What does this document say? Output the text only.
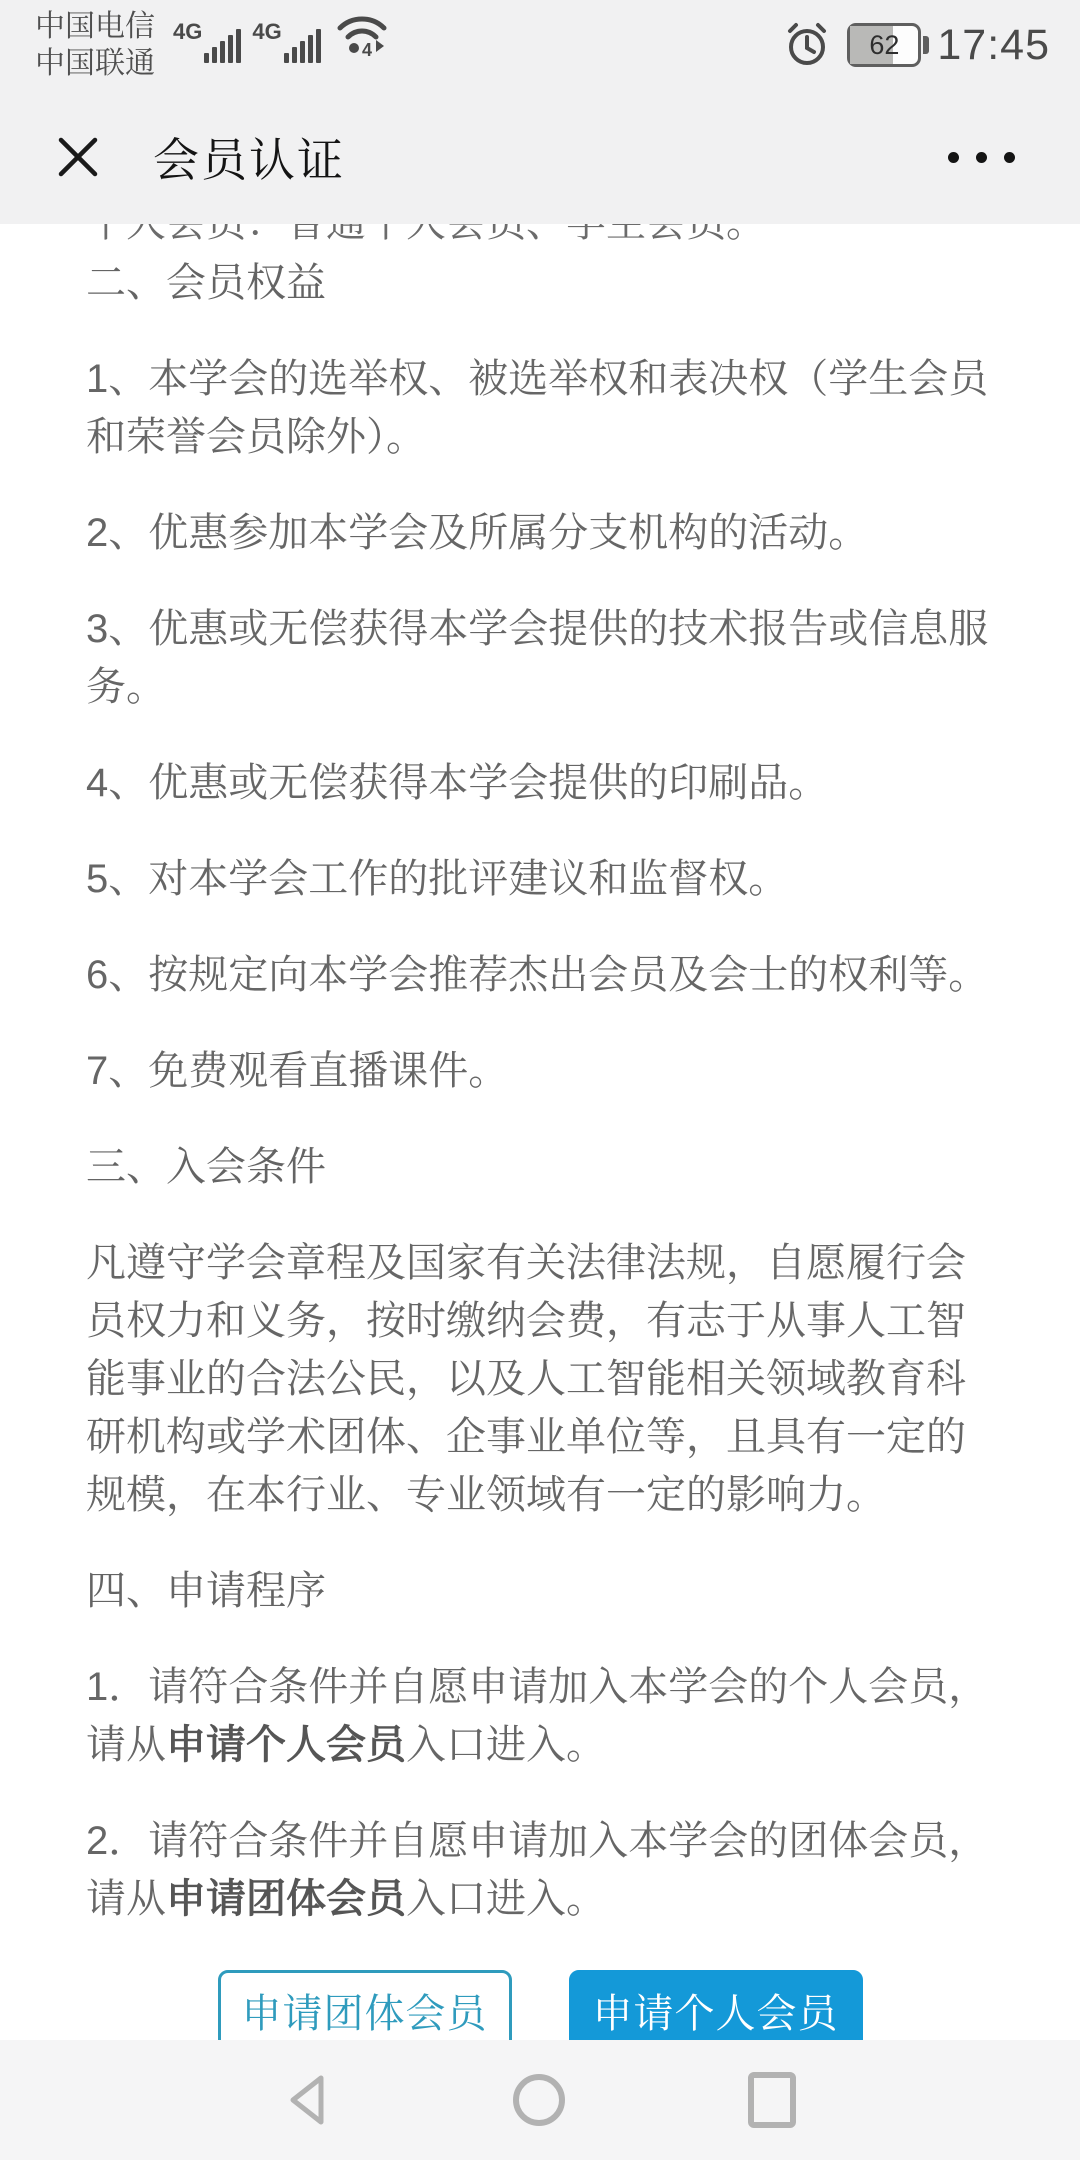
中国电信
中国联通
4G 4G
4	62 17:45
会员认证

二、会员权益

1、本学会的选举权、被选举权和表决权（学生会员和荣誉会员除外）。

2、优惠参加本学会及所属分支机构的活动。

3、优惠或无偿获得本学会提供的技术报告或信息服务。

4、优惠或无偿获得本学会提供的印刷品。

5、对本学会工作的批评建议和监督权。

6、按规定向本学会推荐杰出会员及会士的权利等。

7、免费观看直播课件。

三、入会条件

凡遵守学会章程及国家有关法律法规，自愿履行会员权力和义务，按时缴纳会费，有志于从事人工智能事业的合法公民，以及人工智能相关领域教育科研机构或学术团体、企事业单位等，且具有一定的规模，在本行业、专业领域有一定的影响力。

四、申请程序

1．请符合条件并自愿申请加入本学会的个人会员，请从申请个人会员入口进入。

2．请符合条件并自愿申请加入本学会的团体会员，请从申请团体会员入口进入。

申请团体会员	申请个人会员
